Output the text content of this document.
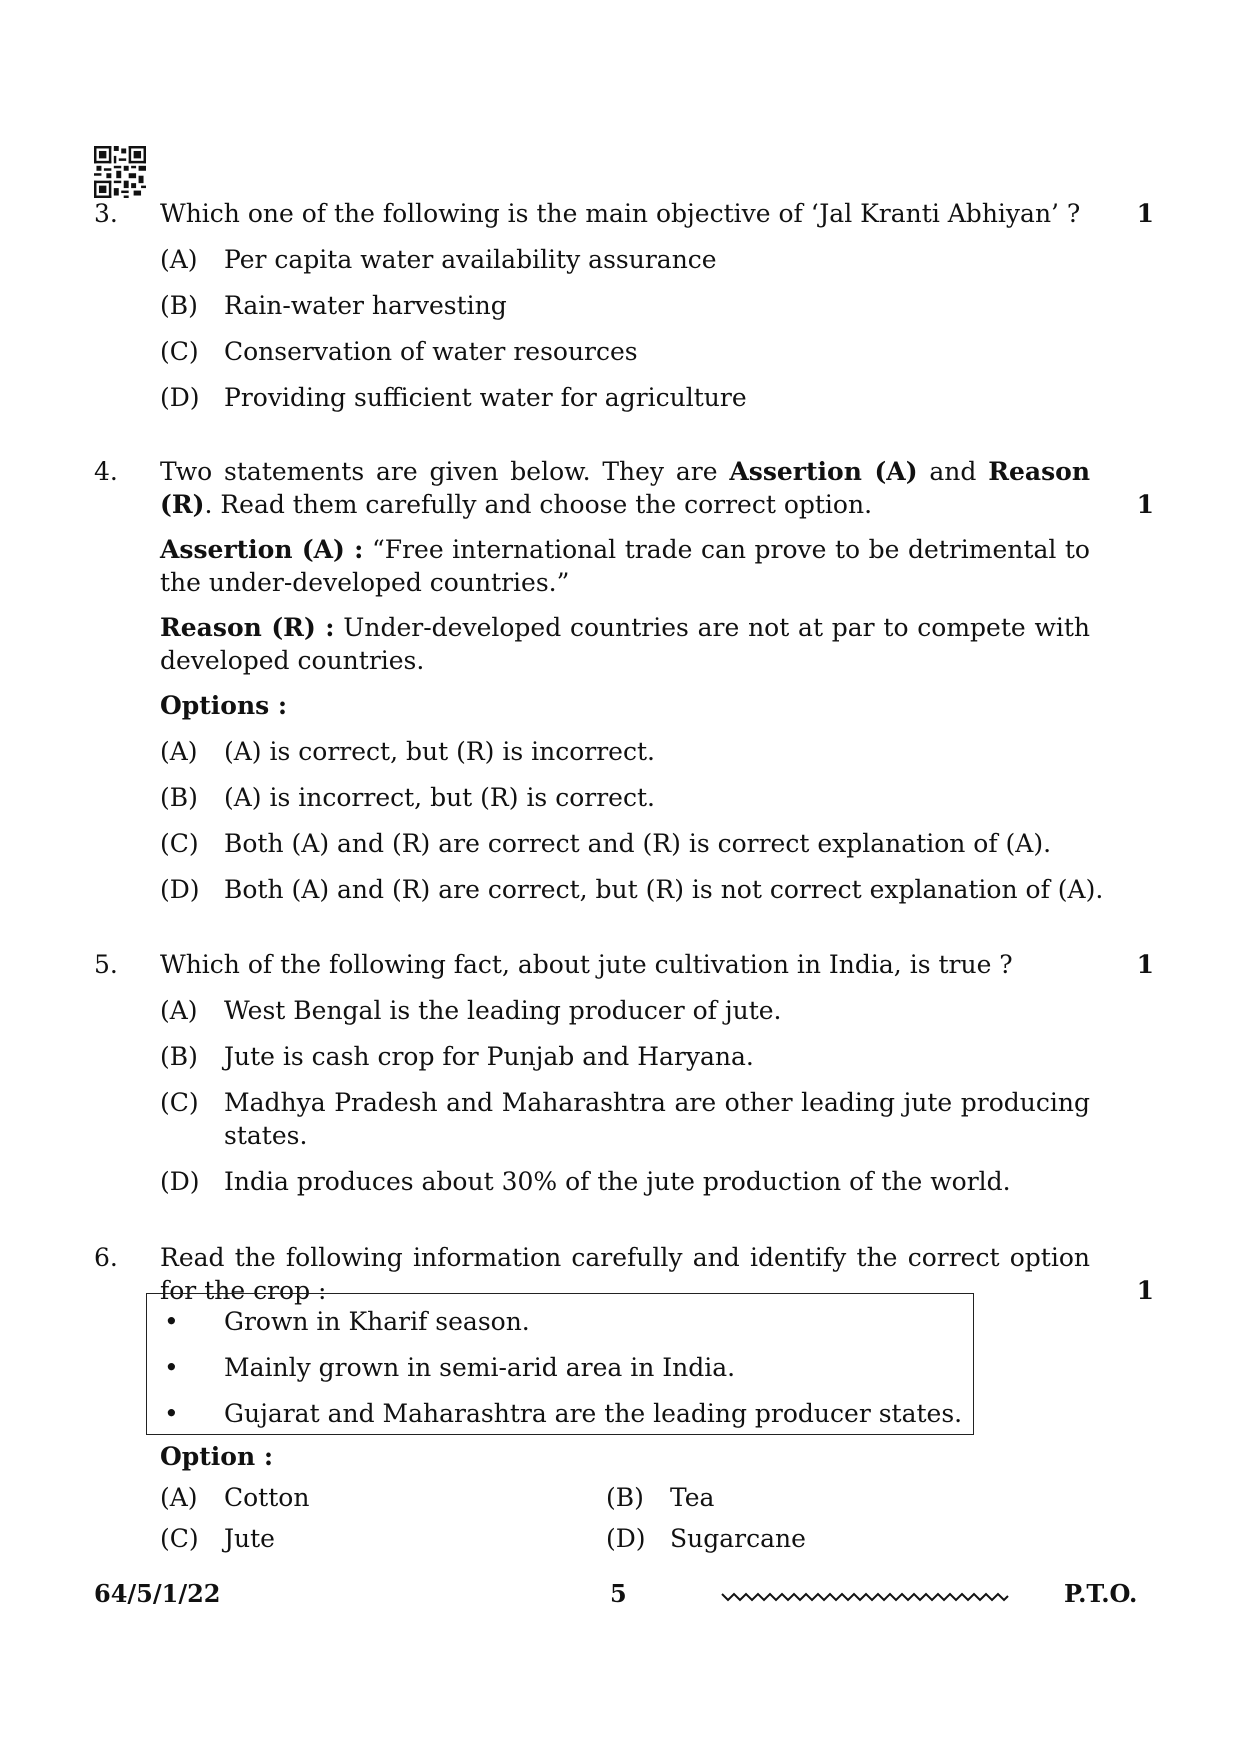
3. Which one of the following is the main objective of ‘Jal Kranti Abhiyan’ ?
(A) Per capita water availability assurance
(B) Rain-water harvesting
(C) Conservation of water resources
(D) Providing sufficient water for agriculture
1
4. Two statements are given below. They are Assertion (A) and Reason (R). Read them carefully and choose the correct option.
Assertion (A) : “Free international trade can prove to be detrimental to the under-developed countries.”
Reason (R) : Under-developed countries are not at par to compete with developed countries.
Options :
(A) (A) is correct, but (R) is incorrect.
(B) (A) is incorrect, but (R) is correct.
(C) Both (A) and (R) are correct and (R) is correct explanation of (A).
(D) Both (A) and (R) are correct, but (R) is not correct explanation of (A).
1
5. Which of the following fact, about jute cultivation in India, is true ?
(A) West Bengal is the leading producer of jute.
(B) Jute is cash crop for Punjab and Haryana.
(C) Madhya Pradesh and Maharashtra are other leading jute producing states.
(D) India produces about 30% of the jute production of the world.
1
6. Read the following information carefully and identify the correct option for the crop :
• Grown in Kharif season.
• Mainly grown in semi-arid area in India.
• Gujarat and Maharashtra are the leading producer states.
Option :
(A) Cotton	(B) Tea
(C) Jute	(D) Sugarcane
1
64/5/1/22	5	P.T.O.
